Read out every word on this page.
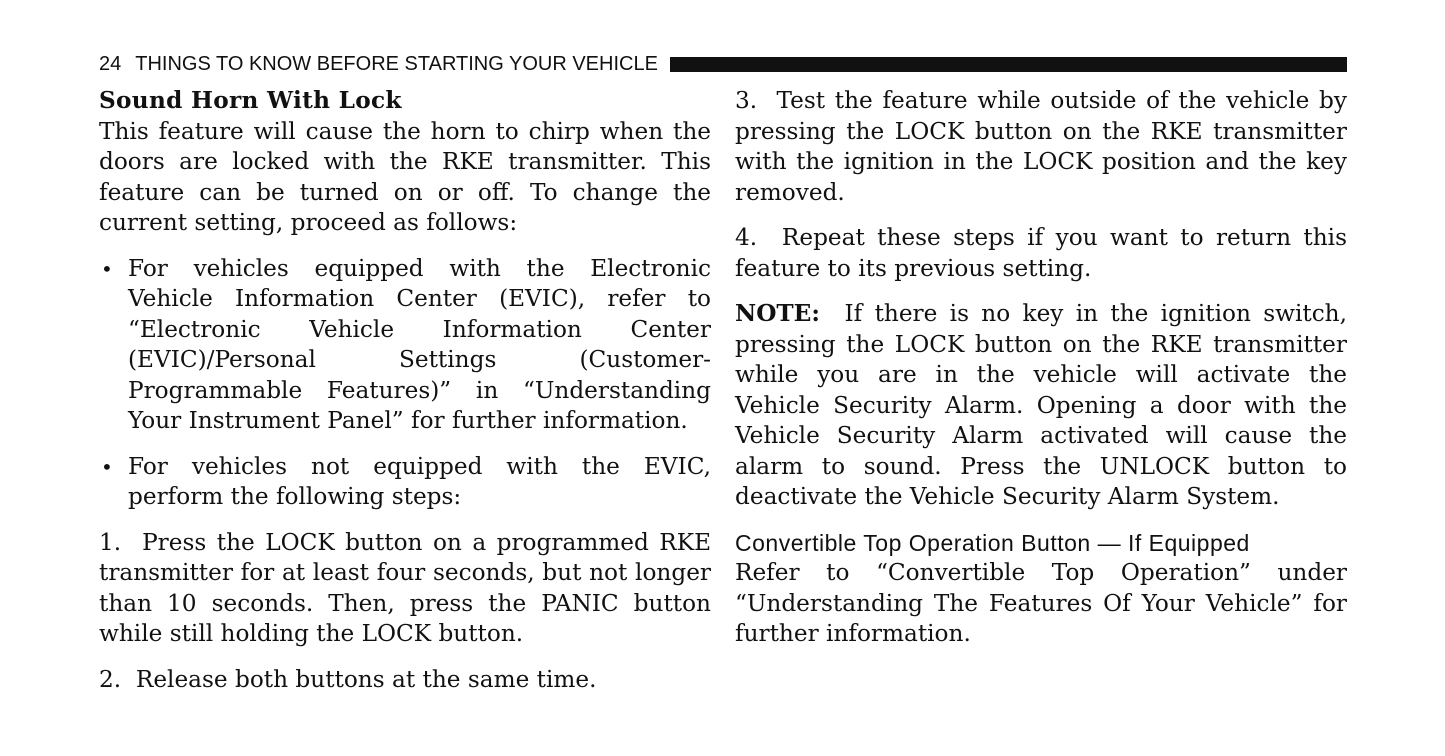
24 THINGS TO KNOW BEFORE STARTING YOUR VEHICLE

Sound Horn With Lock

This feature will cause the horn to chirp when the doors are locked with the RKE transmitter. This feature can be turned on or off. To change the current setting, proceed as follows:

• For vehicles equipped with the Electronic Vehicle Information Center (EVIC), refer to “Electronic Vehicle Information Center (EVIC)/Personal Settings (Customer-Programmable Features)” in “Understanding Your Instrument Panel” for further information.
• For vehicles not equipped with the EVIC, perform the following steps:

1.  Press the LOCK button on a programmed RKE transmitter for at least four seconds, but not longer than 10 seconds. Then, press the PANIC button while still holding the LOCK button.

2.  Release both buttons at the same time.

3.  Test the feature while outside of the vehicle by pressing the LOCK button on the RKE transmitter with the ignition in the LOCK position and the key removed.

4.  Repeat these steps if you want to return this feature to its previous setting.

NOTE:  If there is no key in the ignition switch, pressing the LOCK button on the RKE transmitter while you are in the vehicle will activate the Vehicle Security Alarm. Opening a door with the Vehicle Security Alarm activated will cause the alarm to sound. Press the UNLOCK button to deactivate the Vehicle Security Alarm System.

Convertible Top Operation Button — If Equipped

Refer to “Convertible Top Operation” under “Understanding The Features Of Your Vehicle” for further information.
